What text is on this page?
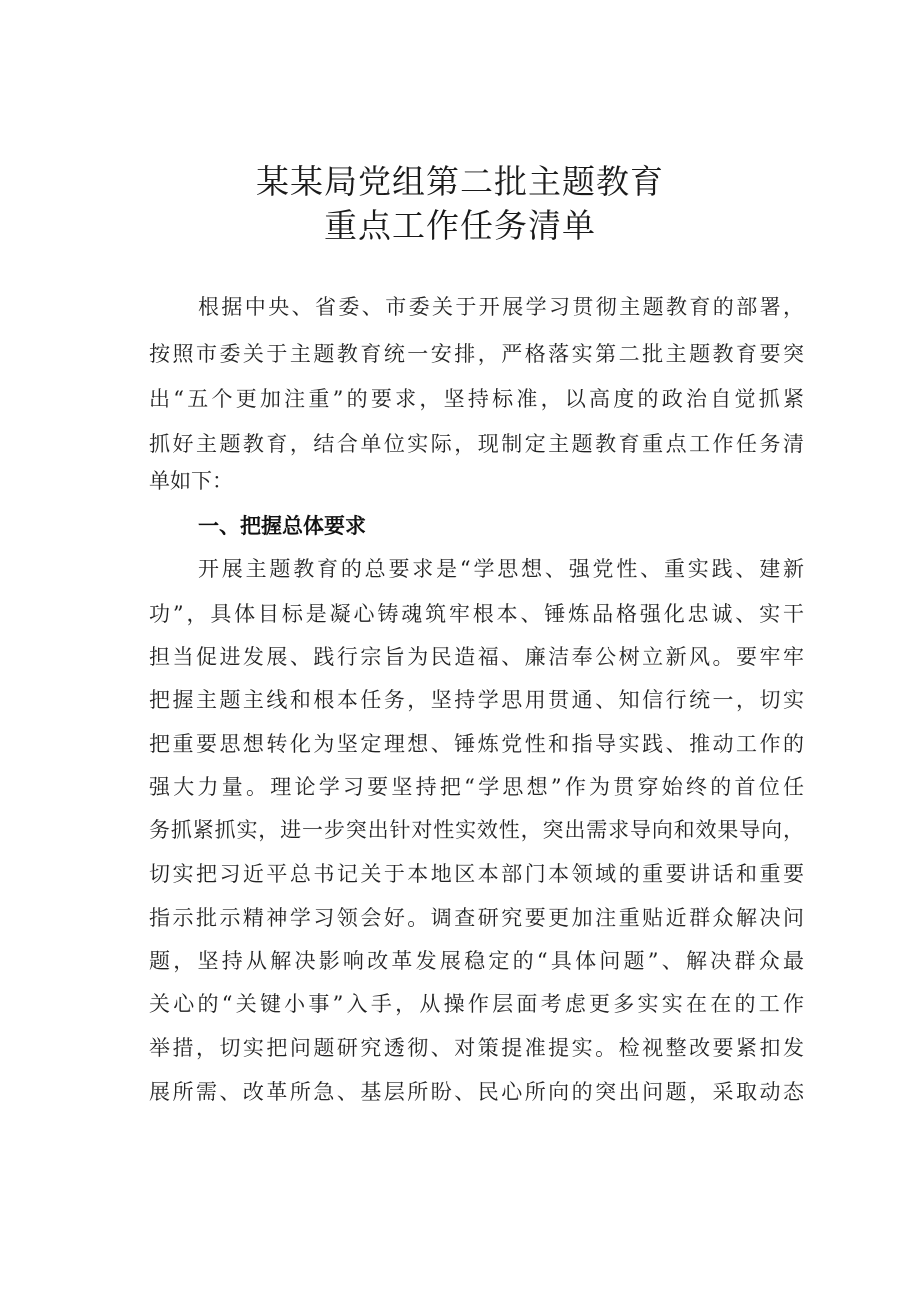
某某局党组第二批主题教育
重点工作任务清单
根据中央、省委、市委关于开展学习贯彻主题教育的部署，
按照市委关于主题教育统一安排，严格落实第二批主题教育要突
出“五个更加注重”的要求，坚持标准，以高度的政治自觉抓紧
抓好主题教育，结合单位实际，现制定主题教育重点工作任务清
单如下：
一、把握总体要求
开展主题教育的总要求是“学思想、强党性、重实践、建新
功”，具体目标是凝心铸魂筑牢根本、锤炼品格强化忠诚、实干
担当促进发展、践行宗旨为民造福、廉洁奉公树立新风。要牢牢
把握主题主线和根本任务，坚持学思用贯通、知信行统一，切实
把重要思想转化为坚定理想、锤炼党性和指导实践、推动工作的
强大力量。理论学习要坚持把“学思想”作为贯穿始终的首位任
务抓紧抓实，进一步突出针对性实效性，突出需求导向和效果导向，
切实把习近平总书记关于本地区本部门本领域的重要讲话和重要
指示批示精神学习领会好。调查研究要更加注重贴近群众解决问
题，坚持从解决影响改革发展稳定的“具体问题”、解决群众最
关心的“关键小事”入手，从操作层面考虑更多实实在在的工作
举措，切实把问题研究透彻、对策提准提实。检视整改要紧扣发
展所需、改革所急、基层所盼、民心所向的突出问题，采取动态
